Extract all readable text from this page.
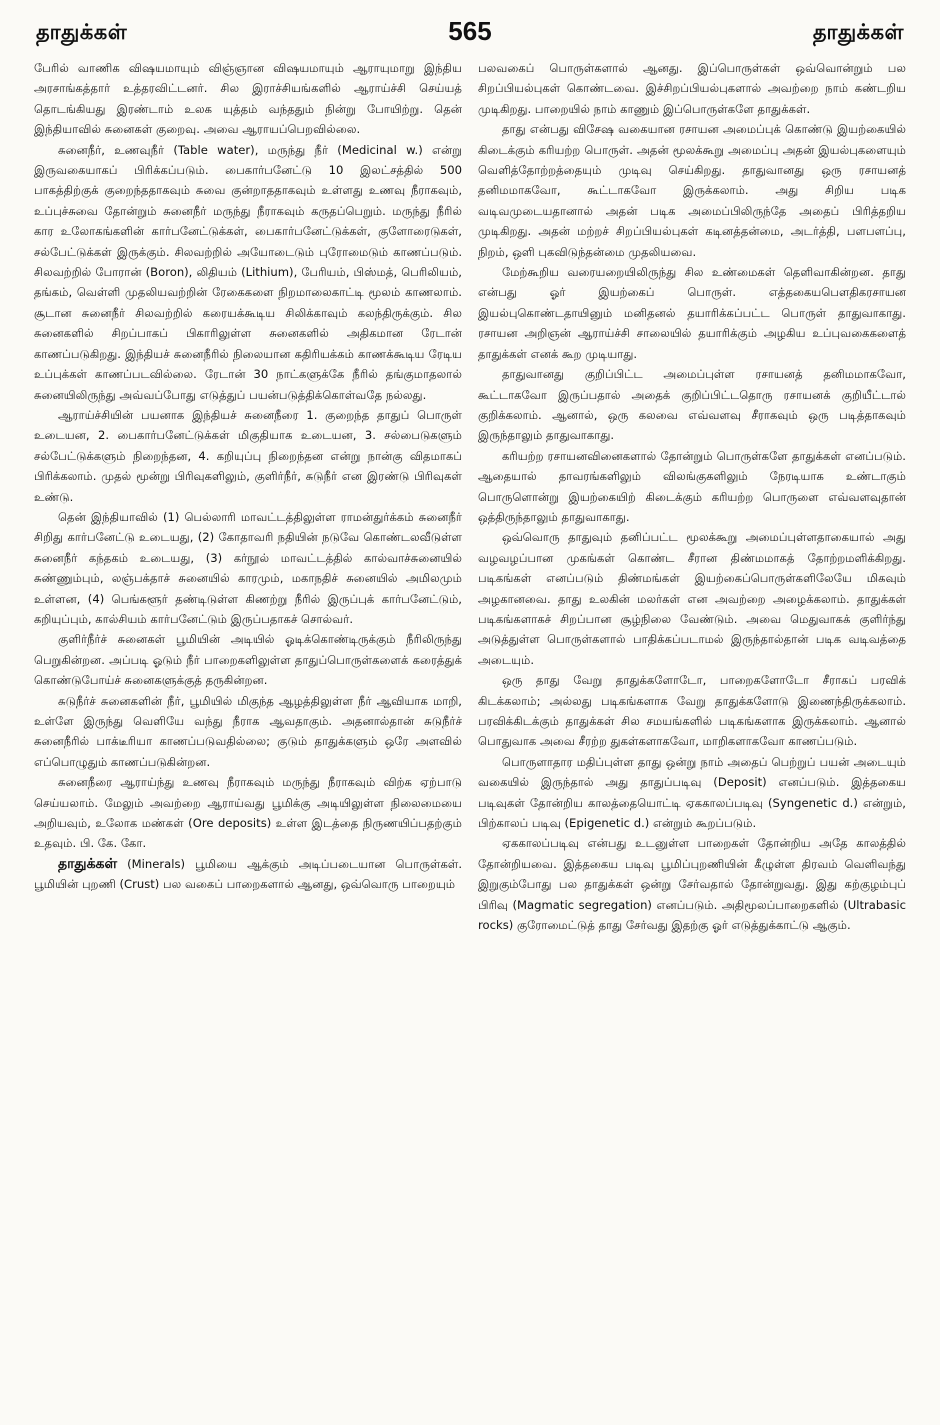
தாதுக்கள்	565	தாதுக்கள்

பேரில் வாணிக விஷயமாயும் விஞ்ஞான விஷயமாயும் ஆராயுமாறு இந்திய அரசாங்கத்தார் உத்தரவிட்டனர். சில இராச்சியங்களில் ஆராய்ச்சி செய்யத் தொடங்கியது இரண்டாம் உலக யுத்தம் வந்ததும் நின்று போயிற்று. தென் இந்தியாவில் சுனைகள் குறைவு. அவை ஆராயப்பெறவில்லை.

சுனைநீர், உணவுநீர் (Table water), மருந்து நீர் (Medicinal w.) என்று இருவகையாகப் பிரிக்கப்படும். பைகார்பனேட்டு 10 இலட்சத்தில் 500 பாகத்திற்குக் குறைந்ததாகவும் சுவை குன்றாததாகவும் உள்ளது உணவு நீராகவும், உப்புச்சுவை தோன்றும் சுனைநீர் மருந்து நீராகவும் கருதப்பெறும். மருந்து நீரில் கார உலோகங்களின் கார்பனேட்டுக்கள், பைகார்பனேட்டுக்கள், குளோரைடுகள், சல்பேட்டுக்கள் இருக்கும். சிலவற்றில் அயோடைடும் புரோமைடும் காணப்படும். சிலவற்றில் போரான் (Boron), லிதியம் (Lithium), பேரியம், பிஸ்மத், பெரிலியம், தங்கம், வெள்ளி முதலியவற்றின் ரேகைகளை நிறமாலைகாட்டி மூலம் காணலாம். சூடான சுனைநீர் சிலவற்றில் கரையக்கூடிய சிலிக்காவும் கலந்திருக்கும். சில சுனைகளில் சிறப்பாகப் பிகாரிலுள்ள சுனைகளில் அதிகமான ரேடான் காணப்படுகிறது. இந்தியச் சுனைநீரில் நிலையான கதிரியக்கம் காணக்கூடிய ரேடிய உப்புக்கள் காணப்படவில்லை. ரேடான் 30 நாட்களுக்கே நீரில் தங்குமாதலால் சுனையிலிருந்து அவ்வப்போது எடுத்துப் பயன்படுத்திக்கொள்வதே நல்லது.

ஆராய்ச்சியின் பயனாக இந்தியச் சுனைநீரை 1. குறைந்த தாதுப் பொருள் உடையன, 2. பைகார்பனேட்டுக்கள் மிகுதியாக உடையன, 3. சல்பைடுகளும் சல்பேட்டுக்களும் நிறைந்தன, 4. கறியுப்பு நிறைந்தன என்று நான்கு விதமாகப் பிரிக்கலாம். முதல் மூன்று பிரிவுகளிலும், குளிர்நீர், சுடுநீர் என இரண்டு பிரிவுகள் உண்டு.

தென் இந்தியாவில் (1) பெல்லாரி மாவட்டத்திலுள்ள ராமன்துர்க்கம் சுனைநீர் சிறிது கார்பனேட்டு உடையது, (2) கோதாவரி நதியின் நடுவே கொண்டலவீடுள்ள சுனைநீர் கந்தகம் உடையது, (3) கர்நூல் மாவட்டத்தில் கால்வாச்சுனையில் சுண்ணும்பும், லஞ்பக்தாச் சுனையில் காரமும், மகாநதிச் சுனையில் அமிலமும் உள்ளன, (4) பெங்களூர் தண்டிடுள்ள கிணற்று நீரில் இருப்புக் கார்பனேட்டும், கறியுப்பும், கால்சியம் கார்பனேட்டும் இருப்பதாகச் சொல்வர்.

குளிர்நீர்ச் சுனைகள் பூமியின் அடியில் ஓடிக்கொண்டிருக்கும் நீரிலிருந்து பெறுகின்றன. அப்படி ஓடும் நீர் பாறைகளிலுள்ள தாதுப்பொருள்களைக் கரைத்துக் கொண்டுபோய்ச் சுனைகளுக்குத் தருகின்றன.

சுடுநீர்ச் சுனைகளின் நீர், பூமியில் மிகுந்த ஆழத்திலுள்ள நீர் ஆவியாக மாறி, உள்ளே இருந்து வெளியே வந்து நீராக ஆவதாகும். அதனால்தான் சுடுநீர்ச் சுனைநீரில் பாக்டீரியா காணப்படுவதில்லை; குடும் தாதுக்களும் ஒரே அளவில் எப்பொழுதும் காணப்படுகின்றன.

சுனைநீரை ஆராய்ந்து உணவு நீராகவும் மருந்து நீராகவும் விற்க ஏற்பாடு செய்யலாம். மேலும் அவற்றை ஆராய்வது பூமிக்கு அடியிலுள்ள நிலைமையை அறியவும், உலோக மண்கள் (Ore deposits) உள்ள இடத்தை நிருணயிப்பதற்கும் உதவும். பி. கே. கோ.

தாதுக்கள் (Minerals) பூமியை ஆக்கும் அடிப்படையான பொருள்கள். பூமியின் புறணி (Crust) பல வகைப் பாறைகளால் ஆனது, ஒவ்வொரு பாறையும்

பலவகைப் பொருள்களால் ஆனது. இப்பொருள்கள் ஒவ்வொன்றும் பல சிறப்பியல்புகள் கொண்டவை. இச்சிறப்பியல்புகளால் அவற்றை நாம் கண்டறிய முடிகிறது. பாறையில் நாம் காணும் இப்பொருள்களே தாதுக்கள்.

தாது என்பது விசேஷ வகையான ரசாயன அமைப்புக் கொண்டு இயற்கையில் கிடைக்கும் கரியற்ற பொருள். அதன் மூலக்கூறு அமைப்பு அதன் இயல்புகளையும் வெளித்தோற்றத்தையும் முடிவு செய்கிறது. தாதுவானது ஒரு ரசாயனத் தனிமமாகவோ, கூட்டாகவோ இருக்கலாம். அது சிறிய படிக வடிவமுடையதானால் அதன் படிக அமைப்பிலிருந்தே அதைப் பிரித்தறிய முடிகிறது. அதன் மற்றச் சிறப்பியல்புகள் கடினத்தன்மை, அடர்த்தி, பளபளப்பு, நிறம், ஒளி புகவிடுந்தன்மை முதலியவை.

மேற்கூறிய வரையறையிலிருந்து சில உண்மைகள் தெளிவாகின்றன. தாது என்பது ஓர் இயற்கைப் பொருள். எத்தகையபெளதிகரசாயன இயல்புகொண்டதாயினும் மனிதனல் தயாரிக்கப்பட்ட பொருள் தாதுவாகாது. ரசாயன அறிஞன் ஆராய்ச்சி சாலையில் தயாரிக்கும் அழகிய உப்புவகைகளைத் தாதுக்கள் எனக் கூற முடியாது.

தாதுவானது குறிப்பிட்ட அமைப்புள்ள ரசாயனத் தனிமமாகவோ, கூட்டாகவோ இருப்பதால் அதைக் குறிப்பிட்டதொரு ரசாயனக் குறியீட்டால் குறிக்கலாம். ஆனால், ஒரு கலவை எவ்வளவு சீராகவும் ஒரு படித்தாகவும் இருந்தாலும் தாதுவாகாது.

கரியற்ற ரசாயனவினைகளால் தோன்றும் பொருள்களே தாதுக்கள் எனப்படும். ஆதையால் தாவரங்களிலும் விலங்குகளிலும் நேரடியாக உண்டாகும் பொருளொன்று இயற்கையிற் கிடைக்கும் கரியற்ற பொருளை எவ்வளவுதான் ஒத்திருந்தாலும் தாதுவாகாது.

ஒவ்வொரு தாதுவும் தனிப்பட்ட மூலக்கூறு அமைப்புள்ளதாகையால் அது வழவழப்பான முகங்கள் கொண்ட சீரான திண்மமாகத் தோற்றமளிக்கிறது. படிகங்கள் எனப்படும் திண்மங்கள் இயற்கைப்பொருள்களிலேயே மிகவும் அழகானவை. தாது உலகின் மலர்கள் என அவற்றை அழைக்கலாம். தாதுக்கள் படிகங்களாகச் சிறப்பான சூழ்நிலை வேண்டும். அவை மெதுவாகக் குளிர்ந்து அடுத்துள்ள பொருள்களால் பாதிக்கப்படாமல் இருந்தால்தான் படிக வடிவத்தை அடையும்.

ஒரு தாது வேறு தாதுக்களோடோ, பாறைகளோடோ சீராகப் பரவிக் கிடக்கலாம்; அல்லது படிகங்களாக வேறு தாதுக்களோடு இணைந்திருக்கலாம். பரவிக்கிடக்கும் தாதுக்கள் சில சமயங்களில் படிகங்களாக இருக்கலாம். ஆனால் பொதுவாக அவை சீரற்ற துகள்களாகவோ, மாறிகளாகவோ காணப்படும்.

பொருளாதார மதிப்புள்ள தாது ஒன்று நாம் அதைப் பெற்றுப் பயன் அடையும் வகையில் இருந்தால் அது தாதுப்படிவு (Deposit) எனப்படும். இத்தகைய படிவுகள் தோன்றிய காலத்தையொட்டி ஏககாலப்படிவு (Syngenetic d.) என்றும், பிற்காலப் படிவு (Epigenetic d.) என்றும் கூறப்படும்.

ஏககாலப்படிவு என்பது உடனுள்ள பாறைகள் தோன்றிய அதே காலத்தில் தோன்றியவை. இத்தகைய படிவு பூமிப்புறணியின் கீழுள்ள திரவம் வெளிவந்து இறுகும்போது பல தாதுக்கள் ஒன்று சேர்வதால் தோன்றுவது. இது கற்குழம்புப் பிரிவு (Magmatic segregation) எனப்படும். அதிமூலப்பாறைகளில் (Ultrabasic rocks) குரோமைட்டுத் தாது சேர்வது இதற்கு ஓர் எடுத்துக்காட்டு ஆகும்.
